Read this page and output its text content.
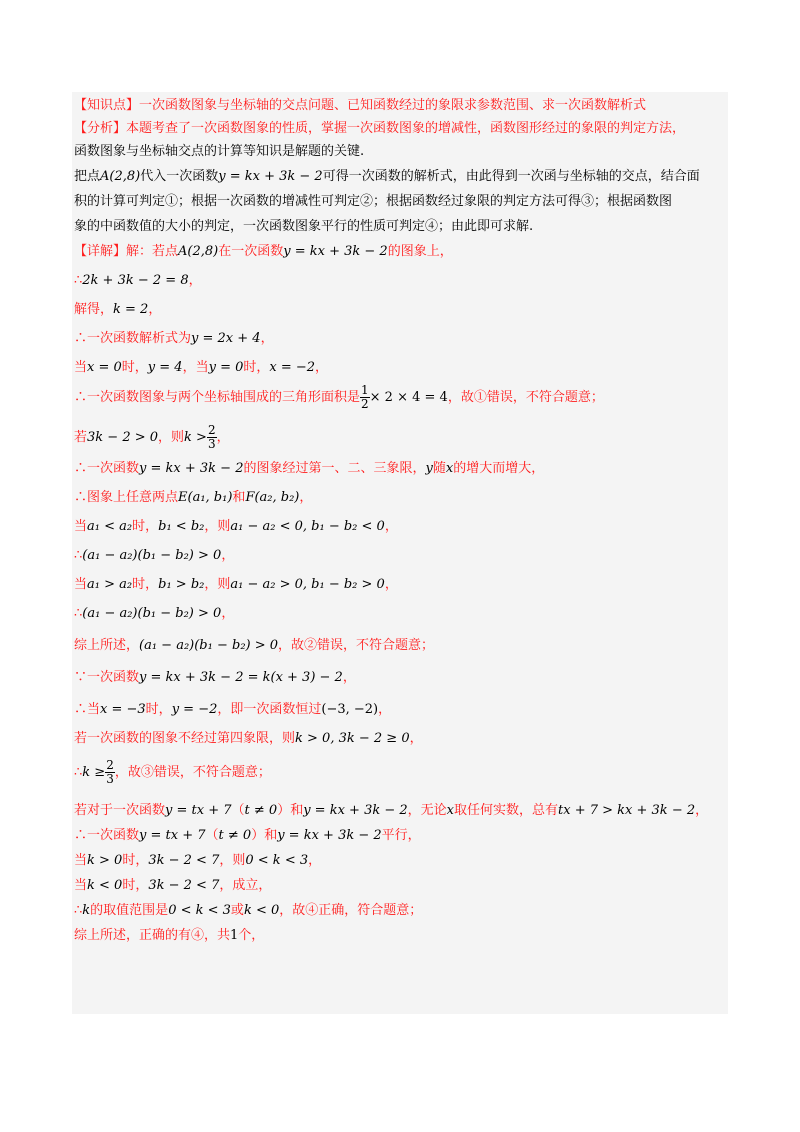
【知识点】一次函数图象与坐标轴的交点问题、已知函数经过的象限求参数范围、求一次函数解析式
【分析】本题考查了一次函数图象的性质，掌握一次函数图象的增减性，函数图形经过的象限的判定方法，
函数图象与坐标轴交点的计算等知识是解题的关键.
把点A(2,8)代入一次函数y = kx + 3k − 2可得一次函数的解析式，由此得到一次函与坐标轴的交点，结合面
积的计算可判定①；根据一次函数的增减性可判定②；根据函数经过象限的判定方法可得③；根据函数图
象的中函数值的大小的判定，一次函数图象平行的性质可判定④；由此即可求解.
【详解】解：若点A(2,8)在一次函数y = kx + 3k − 2的图象上，
∴2k + 3k − 2 = 8，
解得，k = 2，
∴一次函数解析式为y = 2x + 4，
当x = 0时，y = 4，当y = 0时，x = −2，
∴一次函数图象与两个坐标轴围成的三角形面积是 $\frac{1}{2} \times 2 \times 4 = 4$，故①错误，不符合题意；
若3k − 2 > 0，则$k > \frac{2}{3}$ ，
∴一次函数y = kx + 3k − 2的图象经过第一、二、三象限，y随x的增大而增大，
∴图象上任意两点E(a₁, b₁)和F(a₂, b₂)，
当a₁ < a₂时，b₁ < b₂，则a₁ − a₂ < 0, b₁ − b₂ < 0，
∴(a₁ − a₂)(b₁ − b₂) > 0，
当a₁ > a₂时，b₁ > b₂，则a₁ − a₂ > 0, b₁ − b₂ > 0，
∴(a₁ − a₂)(b₁ − b₂) > 0，
综上所述，(a₁ − a₂)(b₁ − b₂) > 0，故②错误，不符合题意；
∵一次函数y = kx + 3k − 2 = k(x + 3) − 2，
∴当x = −3时，y = −2，即一次函数恒过(−3, −2)，
若一次函数的图象不经过第四象限，则k > 0, 3k − 2 ≥ 0，
∴k ≥ $\frac{2}{3}$ ，故③错误，不符合题意；
若对于一次函数y = tx + 7（t ≠ 0）和y = kx + 3k − 2，无论x取任何实数，总有tx + 7 > kx + 3k − 2，
∴一次函数y = tx + 7（t ≠ 0）和y = kx + 3k − 2平行，
当k > 0时，3k − 2 < 7，则0 < k < 3，
当k < 0时，3k − 2 < 7，成立，
∴k的取值范围是0 < k < 3或k < 0，故④正确，符合题意；
综上所述，正确的有④，共1个，
